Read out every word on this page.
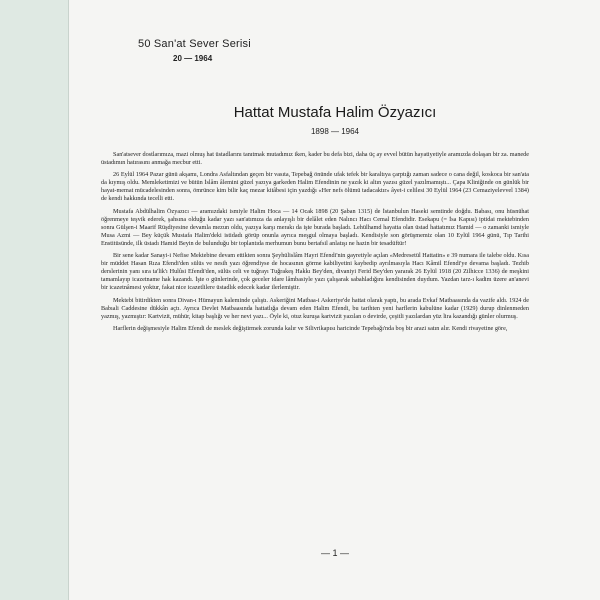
50 San'at Sever Serisi
20 — 1964
Hattat Mustafa Halim Özyazıcı
1898 — 1964

San'atsever dostlarımıza, mazi olmuş hat üstadlarını tanıtmak mutadımız iken, kader bu defa bizi, daha üç ay evvel bütün hayatiyetiyle aramızda dolaşan bir za. manede üstadımın hatırasını anmağa mecbur etti.

26 Eylül 1964 Pazar günü akşamı, Londra Asfaltından geçen bir vasıta, Tepebağ önünde ufak tefek bir karaltıya çarptığı zaman sadece o cana değil, koskoca bir san'ata da kıymış oldu. Memleketimizi ve bütün İslâm âlemini güzel yazıya garkeden Halim Efendinin ne yazık ki altın yazısı güzel yazılmamıştı... Çapa Kliniğinde on günlük bir hayat-memat mücadelesinden sonra, ömrünce kim bilir kaç mezar kitâbesi için yazdığı «Her nefs ölümü tadacaktır» âyet-i celilesi 30 Eylül 1964 (23 Cemaziyelevvel 1384) de kendi hakkında tecelli etti.

Mustafa Abdülhalim Özyazıcı — aramızdaki ismiyle Halim Hoca — 14 Ocak 1898 (20 Şaban 1315) de İstanbulun Haseki semtinde doğdu. Babası, onu hüsnühat öğrenmeye teşvik ederek, şahsına olduğu kadar yazı san'atımıza da anlayışlı bir delâlet eden Nalıncı Hacı Cemal Efendidir. Esekapu (= İsa Kapısı) iptidai mektebinden sonra Gülşen-i Maarif Rüşdiyesine devamla mezun oldu, yazıya karşı merakı da işte burada başladı. Lehülhamd hayatta olan üstad hattatımız Hamid — o zamanki ismiyle Musa Azmi — Bey küçük Mustafa Halim'deki istidadı görüp onunla ayrıca meşgul olmaya başladı. Kendisiyle son görüşmemiz olan 10 Eylül 1964 günü, Tıp Tarihi Enstitüsünde, ilk üstadı Hamid Beyin de bulunduğu bir toplantıda merhumun bunu bertafsil anlatışı ne hazin bir tesadüftür!

Bir sene kadar Sanayi-i Nefise Mektebine devam ettikten sonra Şeyhülislâm Hayri Efendi'nin gayretiyle açılan «Medresetül Hattatin» e 39 numara ile talebe oldu. Kısa bir müddet Hasan Rıza Efendi'den sülüs ve nesih yazı öğrendiyse de hocasının görme kabiliyetini kaybedip ayrılmasıyla Hacı Kâmil Efendi'ye devama başladı. Tezhib derslerinin yanı sıra ta'lik'ı Hulûsi Efendi'den, sülüs celi ve tuğrayı Tuğrakeş Hakkı Bey'den, divaniyi Ferid Bey'den yararak 26 Eylül 1918 (20 Zilhicce 1336) de meşkini tamamlayıp icazetname hak kazandı. İşte o günlerinde, çok geceler idare lâmbasiyle yazı çalışarak sabahladığını kendisinden duydum. Yazdan tarz-ı kadim üzere an'anevi bir icazetnâmesi yoktur, fakat nice icazetlilere üstadlık edecek kadar ilerlemiştir.

Mektebi bitirdikten sonra Divan-ı Hümayun kaleminde çalıştı. Askeriğini Matbaa-i Askeriye'de hattat olarak yaptı, bu arada Evkaf Matbaasında da vazife aldı. 1924 de Babıali Caddesine dükkân açtı. Ayrıca Devlet Matbaasında hattatlığa devam eden Halim Efendi, bu tarihten yeni harflerin kabulüne kadar (1929) durup dinlenmeden yazmış, yazmıştır: Kartvizit, mühür, kitap başlığı ve her nevi yazı... Öyle ki, otuz kuruşa kartvizit yazılan o devirde, çeşitli yazılardan yüz lira kazandığı günler olurmuş.

Harflerin değişmesiyle Halim Efendi de meslek değiştirmek zorunda kalır ve Silivrikapısı haricinde Tepebağı'nda boş bir arazi satın alır. Kendi rivayetine göre,

— 1 —
